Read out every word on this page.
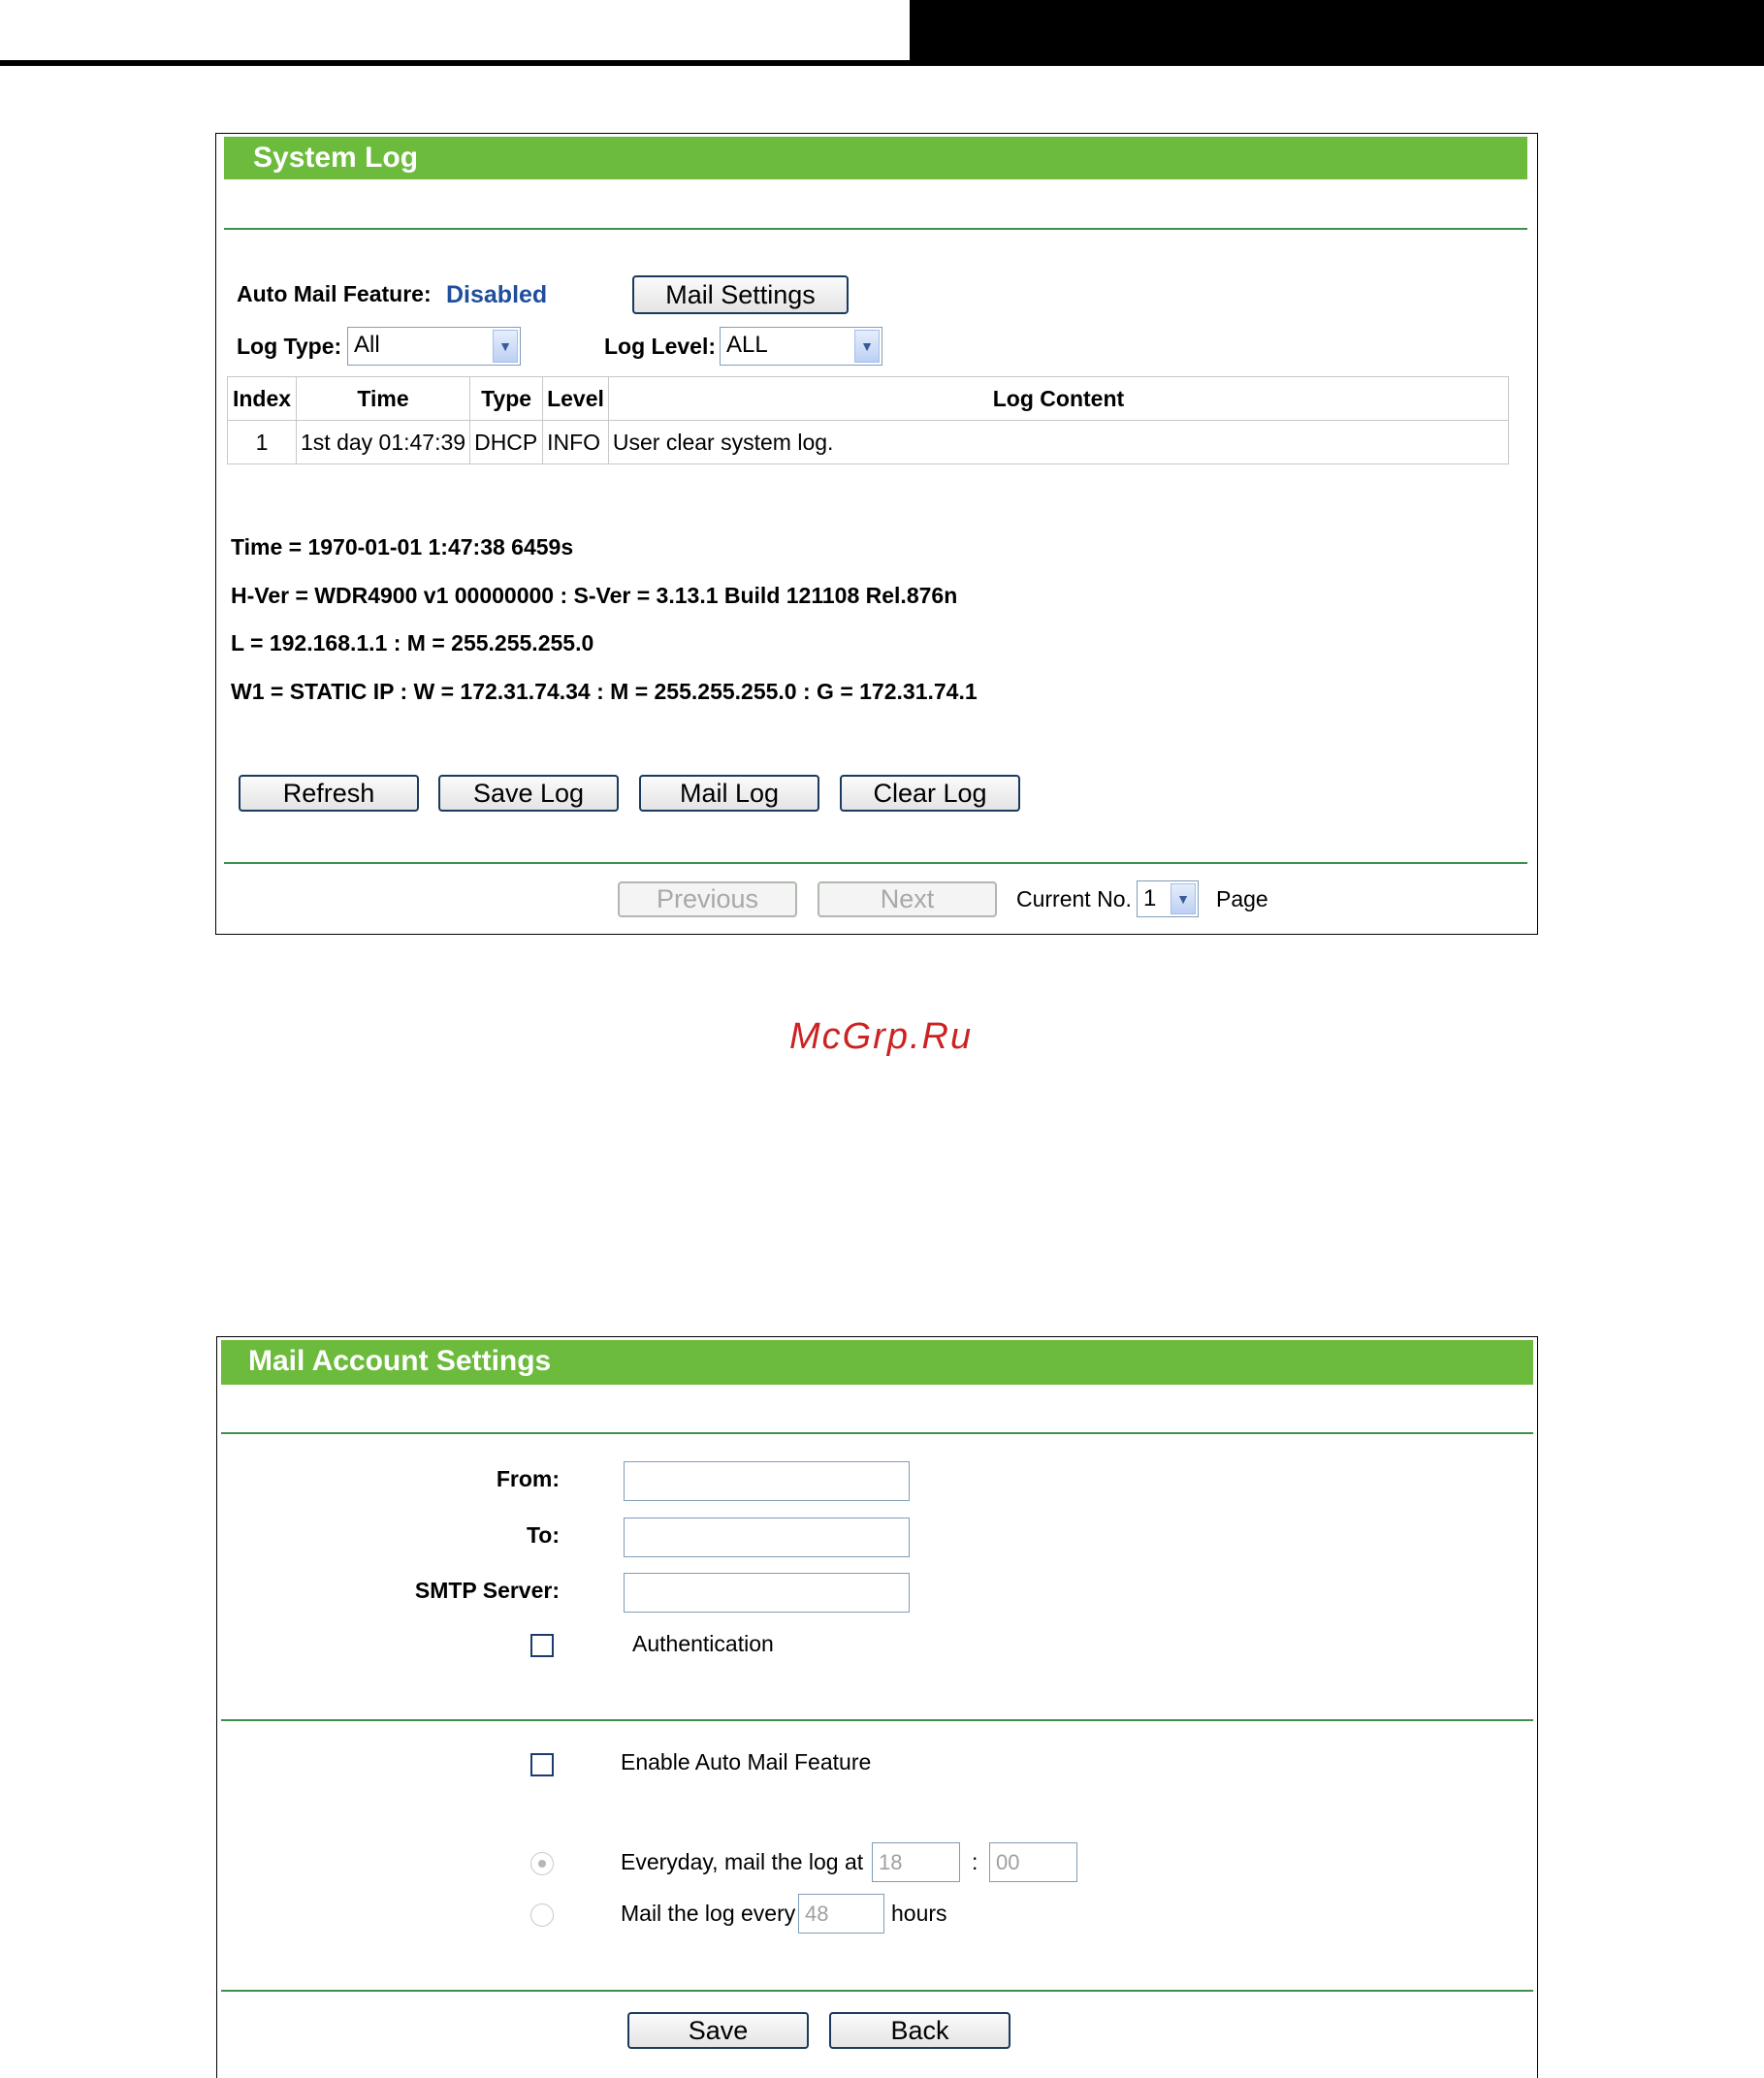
System Log
Auto Mail Feature: Disabled	Mail Settings
Log Type: All	▼	Log Level: ALL	▼
Index	Time	Type	Level	Log Content
1	1st day 01:47:39	DHCP	INFO	User clear system log.
Time = 1970-01-01 1:47:38 6459s
H-Ver = WDR4900 v1 00000000 : S-Ver = 3.13.1 Build 121108 Rel.876n
L = 192.168.1.1 : M = 255.255.255.0
W1 = STATIC IP : W = 172.31.74.34 : M = 255.255.255.0 : G = 172.31.74.1
Refresh	Save Log	Mail Log	Clear Log
Previous	Next	Current No. 1	▼ Page
McGrp.Ru
Mail Account Settings
From:
To:
SMTP Server:
Authentication
Enable Auto Mail Feature
Everyday, mail the log at
18	:
00
Mail the log every
48	hours
Save	Back
